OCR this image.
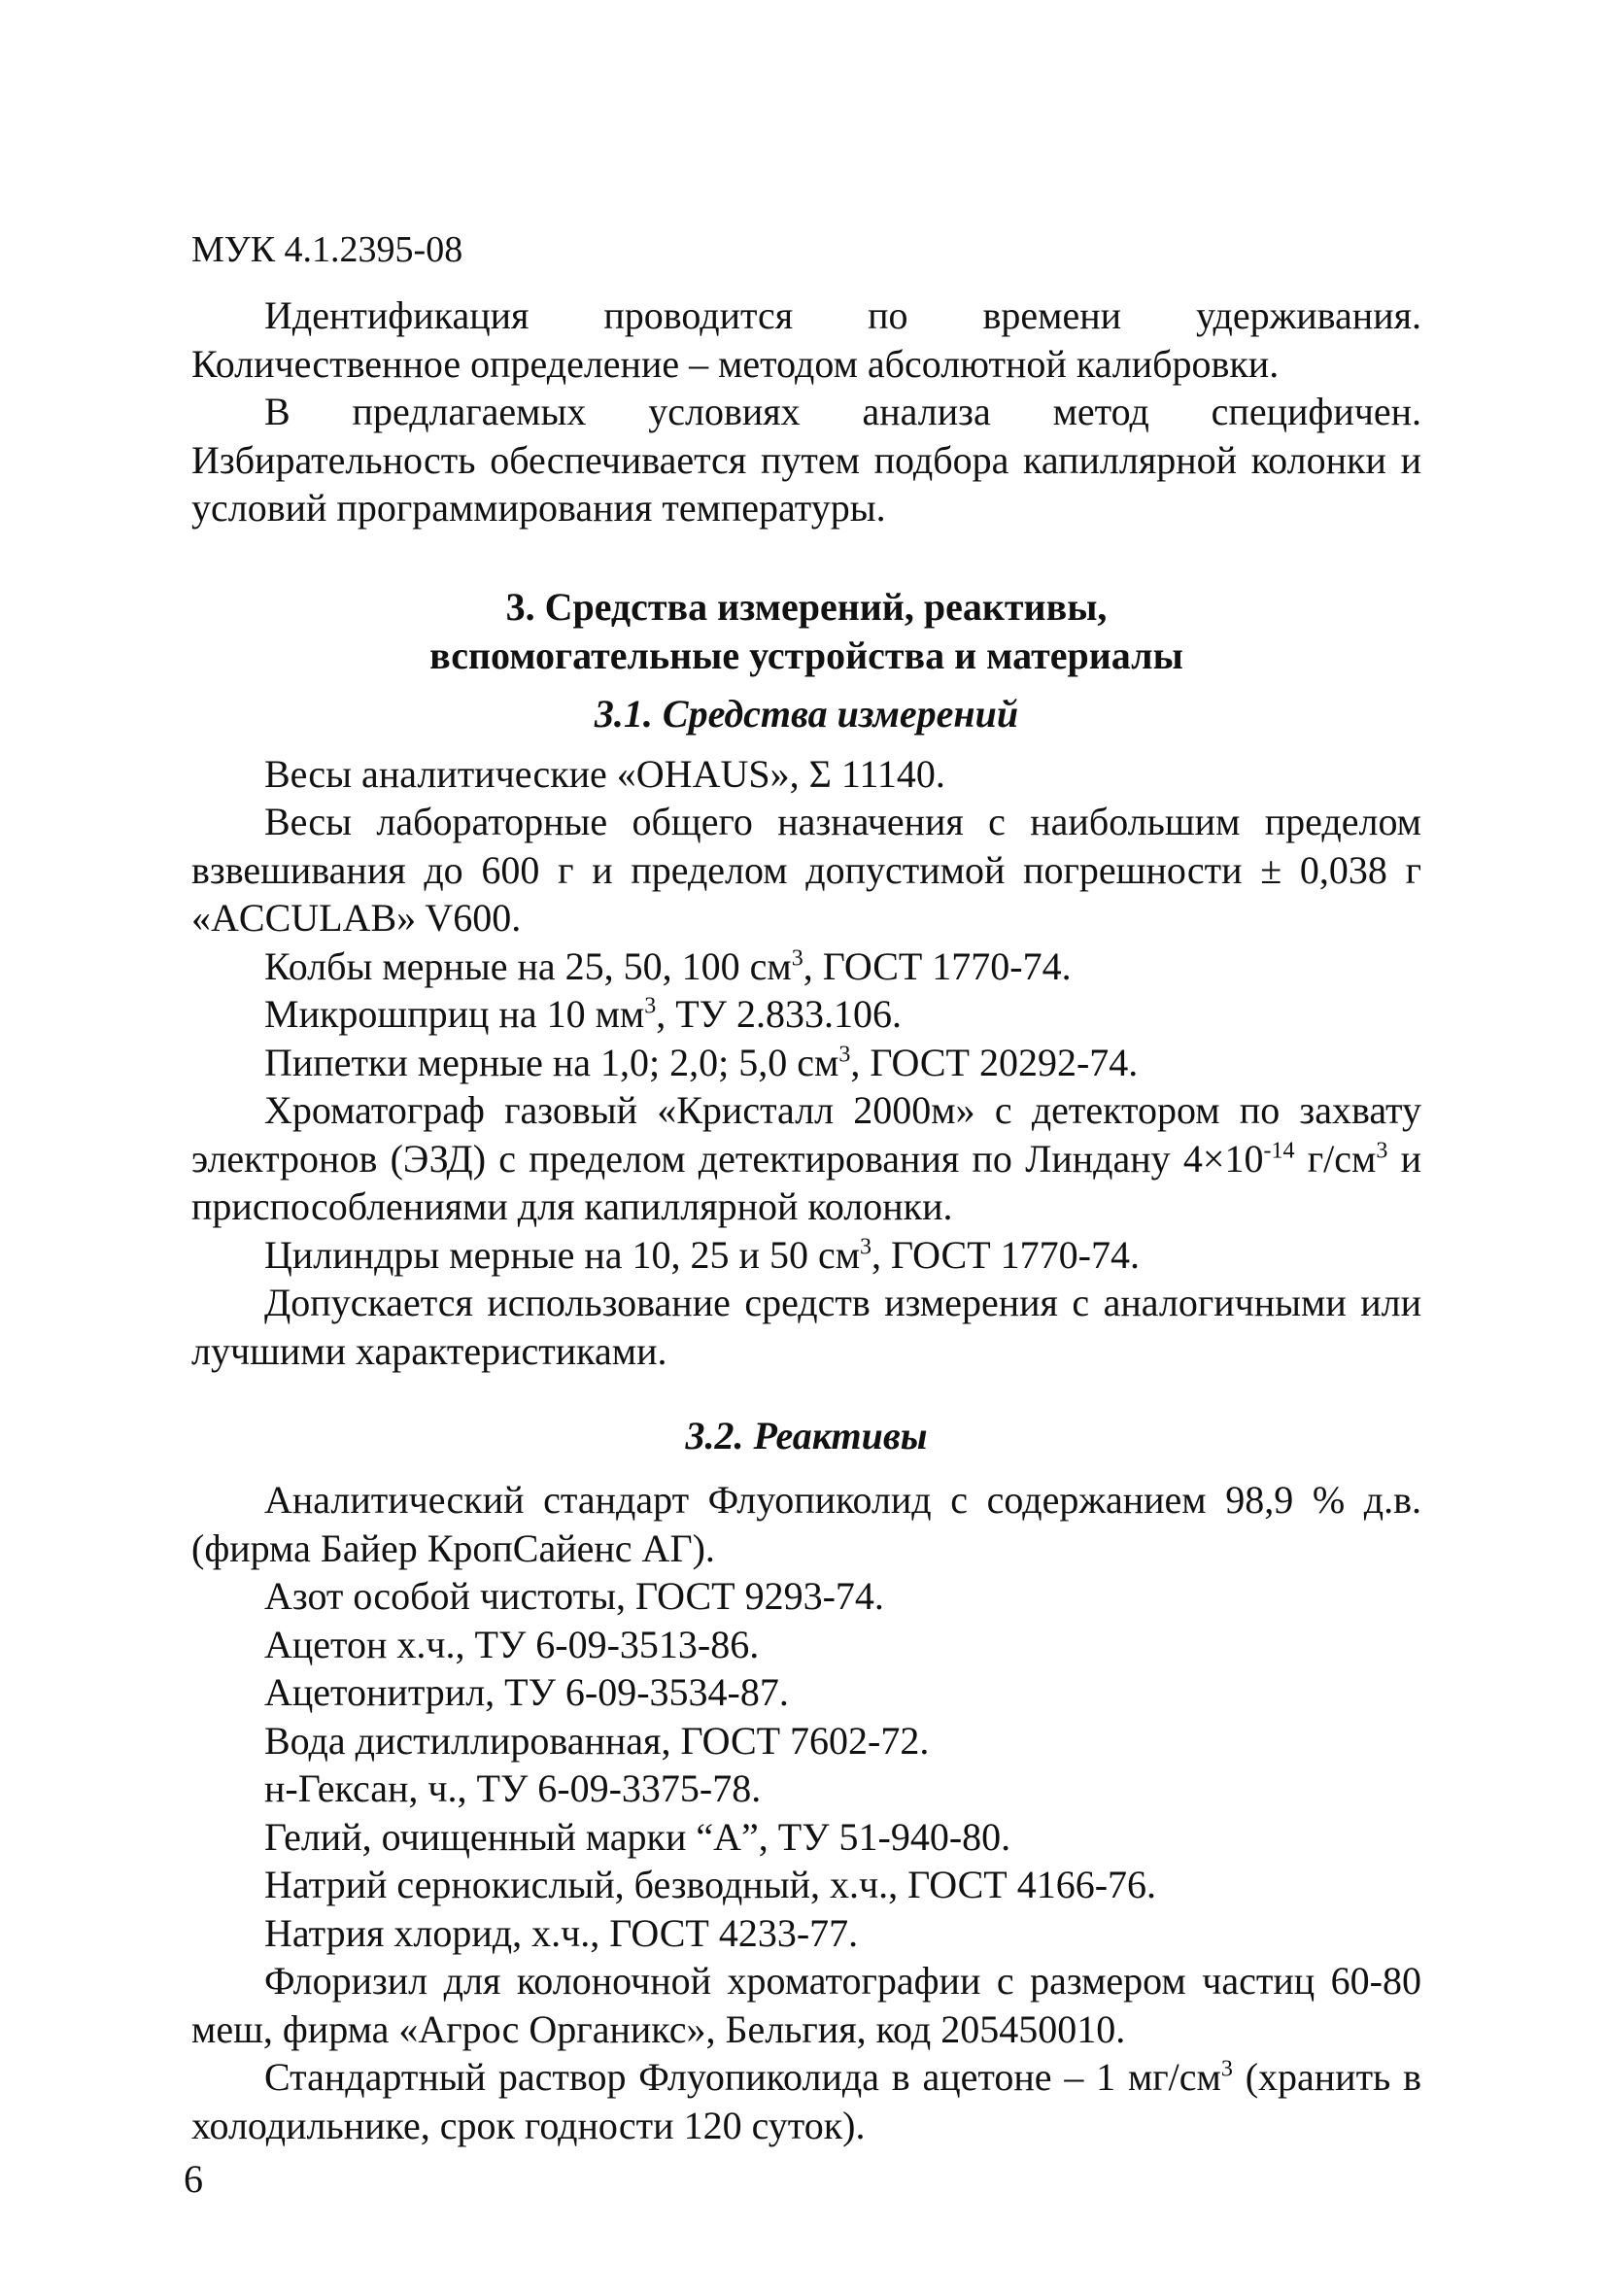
МУК 4.1.2395-08

Идентификация проводится по времени удерживания. Количественное определение – методом абсолютной калибровки.

В предлагаемых условиях анализа метод специфичен. Избирательность обеспечивается путем подбора капиллярной колонки и условий программирования температуры.

3. Средства измерений, реактивы,
вспомогательные устройства и материалы
3.1. Средства измерений

Весы аналитические «OHAUS», Σ 11140.

Весы лабораторные общего назначения с наибольшим пределом взвешивания до 600 г и пределом допустимой погрешности ± 0,038 г «ACCULAB» V600.

Колбы мерные на 25, 50, 100 $см^3$, ГОСТ 1770-74.

Микрошприц на 10 $мм^3$, ТУ 2.833.106.

Пипетки мерные на 1,0; 2,0; 5,0 $см^3$, ГОСТ 20292-74.

Хроматограф газовый «Кристалл 2000м» с детектором по захвату электронов (ЭЗД) с пределом детектирования по Линдану $4\times 10^{-14}$ $г/см^3$ и приспособлениями для капиллярной колонки.

Цилиндры мерные на 10, 25 и 50 $см^3$, ГОСТ 1770-74.

Допускается использование средств измерения с аналогичными или лучшими характеристиками.

3.2. Реактивы

Аналитический стандарт Флуопиколид с содержанием 98,9 % д.в. (фирма Байер КропСайенс АГ).

Азот особой чистоты, ГОСТ 9293-74.

Ацетон х.ч., ТУ 6-09-3513-86.

Ацетонитрил, ТУ 6-09-3534-87.

Вода дистиллированная, ГОСТ 7602-72.

н-Гексан, ч., ТУ 6-09-3375-78.

Гелий, очищенный марки “А”, ТУ 51-940-80.

Натрий сернокислый, безводный, х.ч., ГОСТ 4166-76.

Натрия хлорид, х.ч., ГОСТ 4233-77.

Флоризил для колоночной хроматографии с размером частиц 60-80 меш, фирма «Агрос Органикс», Бельгия, код 205450010.

Стандартный раствор Флуопиколида в ацетоне – 1 $мг/см^3$ (хранить в холодильнике, срок годности 120 суток).

6
